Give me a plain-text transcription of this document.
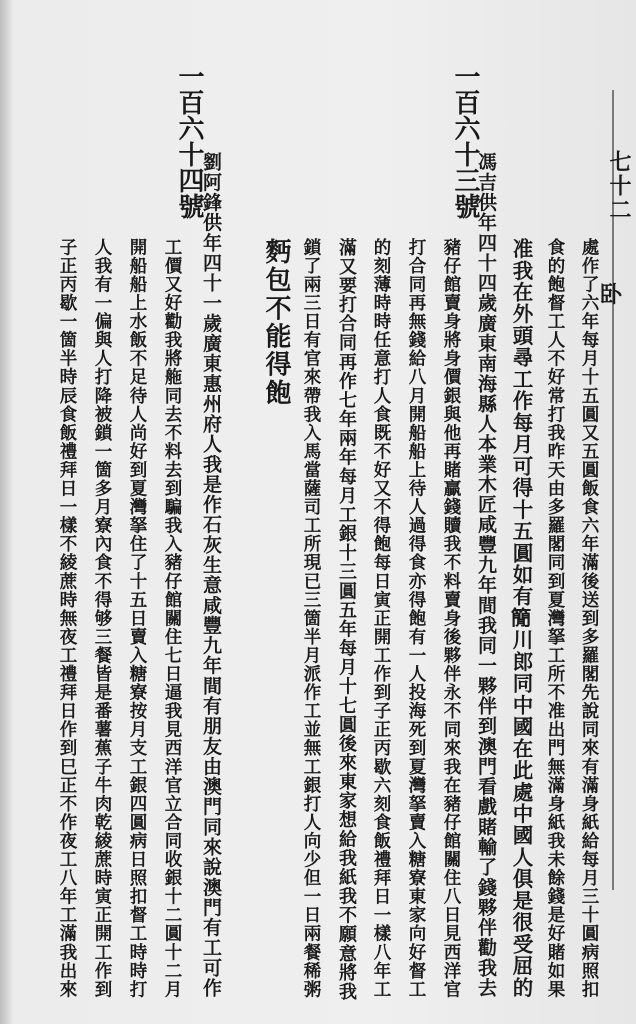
七十二
卧
一百六十三號
處作了六年每月十五圓又五圓飯食六年滿後送到多羅閣先說同來有滿身紙給每月三十圓病照扣
食的飽督工人不好常打我昨天由多羅閣同到夏灣拏工所不准出門無滿身紙我未餘錢是好賭如果
准我在外頭尋工作每月可得十五圓如有𥳑川郎同中國在此處中國人俱是很受屈的
馮吉供年四十四歲廣東南海縣人本業木匠咸豐九年間我同一夥伴到澳門看戲賭輸了錢夥伴勸我去
豬仔館賣身將身價銀與他再賭贏錢贖我不料賣身後夥伴永不同來我在豬仔館關住八日見西洋官
打合同再無錢給八月開船船上待人過得食亦得飽有一人投海死到夏灣拏賣入糖寮東家向好督工
的刻薄時時任意打人食既不好又不得飽每日寅正開工作到子正丙歇六刻食飯禮拜日一樣八年工
滿又要打合同再作七年兩年每月工銀十三圓五年每月十七圓後來東家想給我紙我不願意將我
鎖了兩三日有官來帶我入馬當薩司工所現已三箇半月派作工並無工銀打人向少但一日兩餐稀粥
麪包不能得飽
一百六十四號
劉阿鋒供年四十一歲廣東惠州府人我是作石灰生意咸豐九年間有朋友由澳門同來說澳門有工可作
工價又好勸我將䑨同去不料去到騙我入豬仔館關住七日逼我見西洋官立合同收銀十二圓十二月
開船船上水飯不足待人尚好到夏灣拏住了十五日賣入糖寮按月支工銀四圓病日照扣督工時時打
人我有一偏與人打降被鎖一箇多月寮內食不得够三餐皆是番薯蕉子牛肉乾綾蔗時寅正開工作到
子正丙歇一箇半時辰食飯禮拜日一樣不綾蔗時無夜工禮拜日作到巳正不作夜工八年工滿我出來
